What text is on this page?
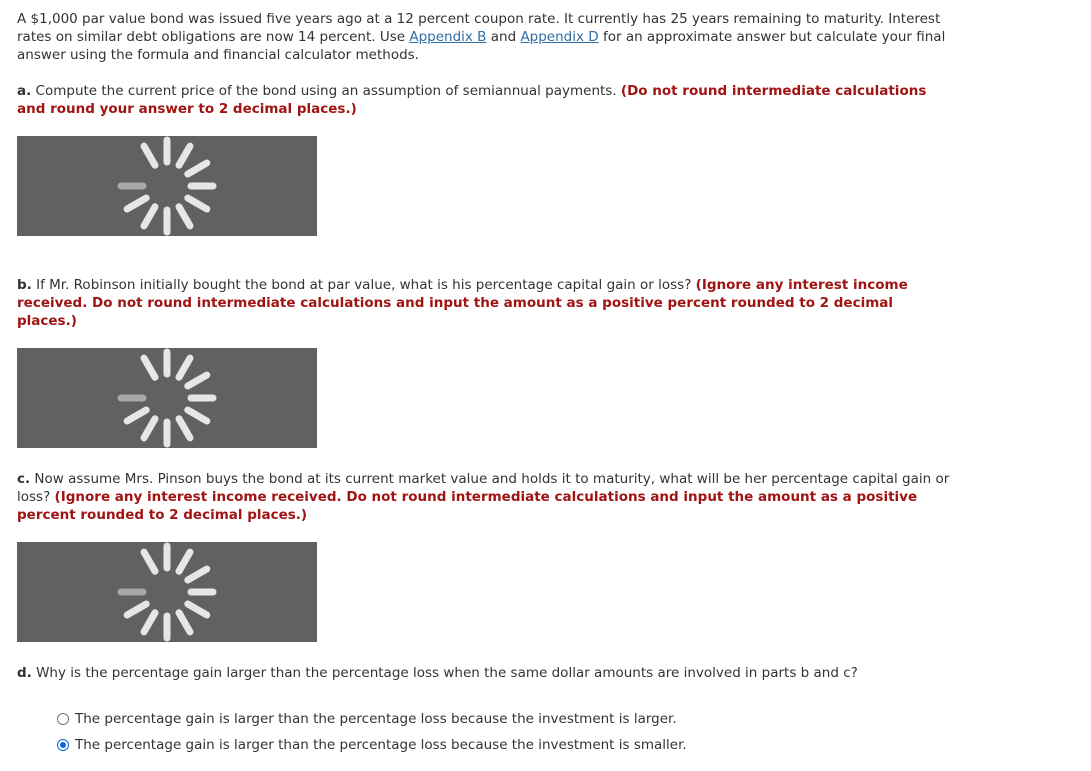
A $1,000 par value bond was issued five years ago at a 12 percent coupon rate. It currently has 25 years remaining to maturity. Interest rates on similar debt obligations are now 14 percent. Use Appendix B and Appendix D for an approximate answer but calculate your final answer using the formula and financial calculator methods.

a. Compute the current price of the bond using an assumption of semiannual payments. (Do not round intermediate calculations and round your answer to 2 decimal places.)

b. If Mr. Robinson initially bought the bond at par value, what is his percentage capital gain or loss? (Ignore any interest income received. Do not round intermediate calculations and input the amount as a positive percent rounded to 2 decimal places.)

c. Now assume Mrs. Pinson buys the bond at its current market value and holds it to maturity, what will be her percentage capital gain or loss? (Ignore any interest income received. Do not round intermediate calculations and input the amount as a positive percent rounded to 2 decimal places.)

d. Why is the percentage gain larger than the percentage loss when the same dollar amounts are involved in parts b and c?

The percentage gain is larger than the percentage loss because the investment is larger.
The percentage gain is larger than the percentage loss because the investment is smaller.
